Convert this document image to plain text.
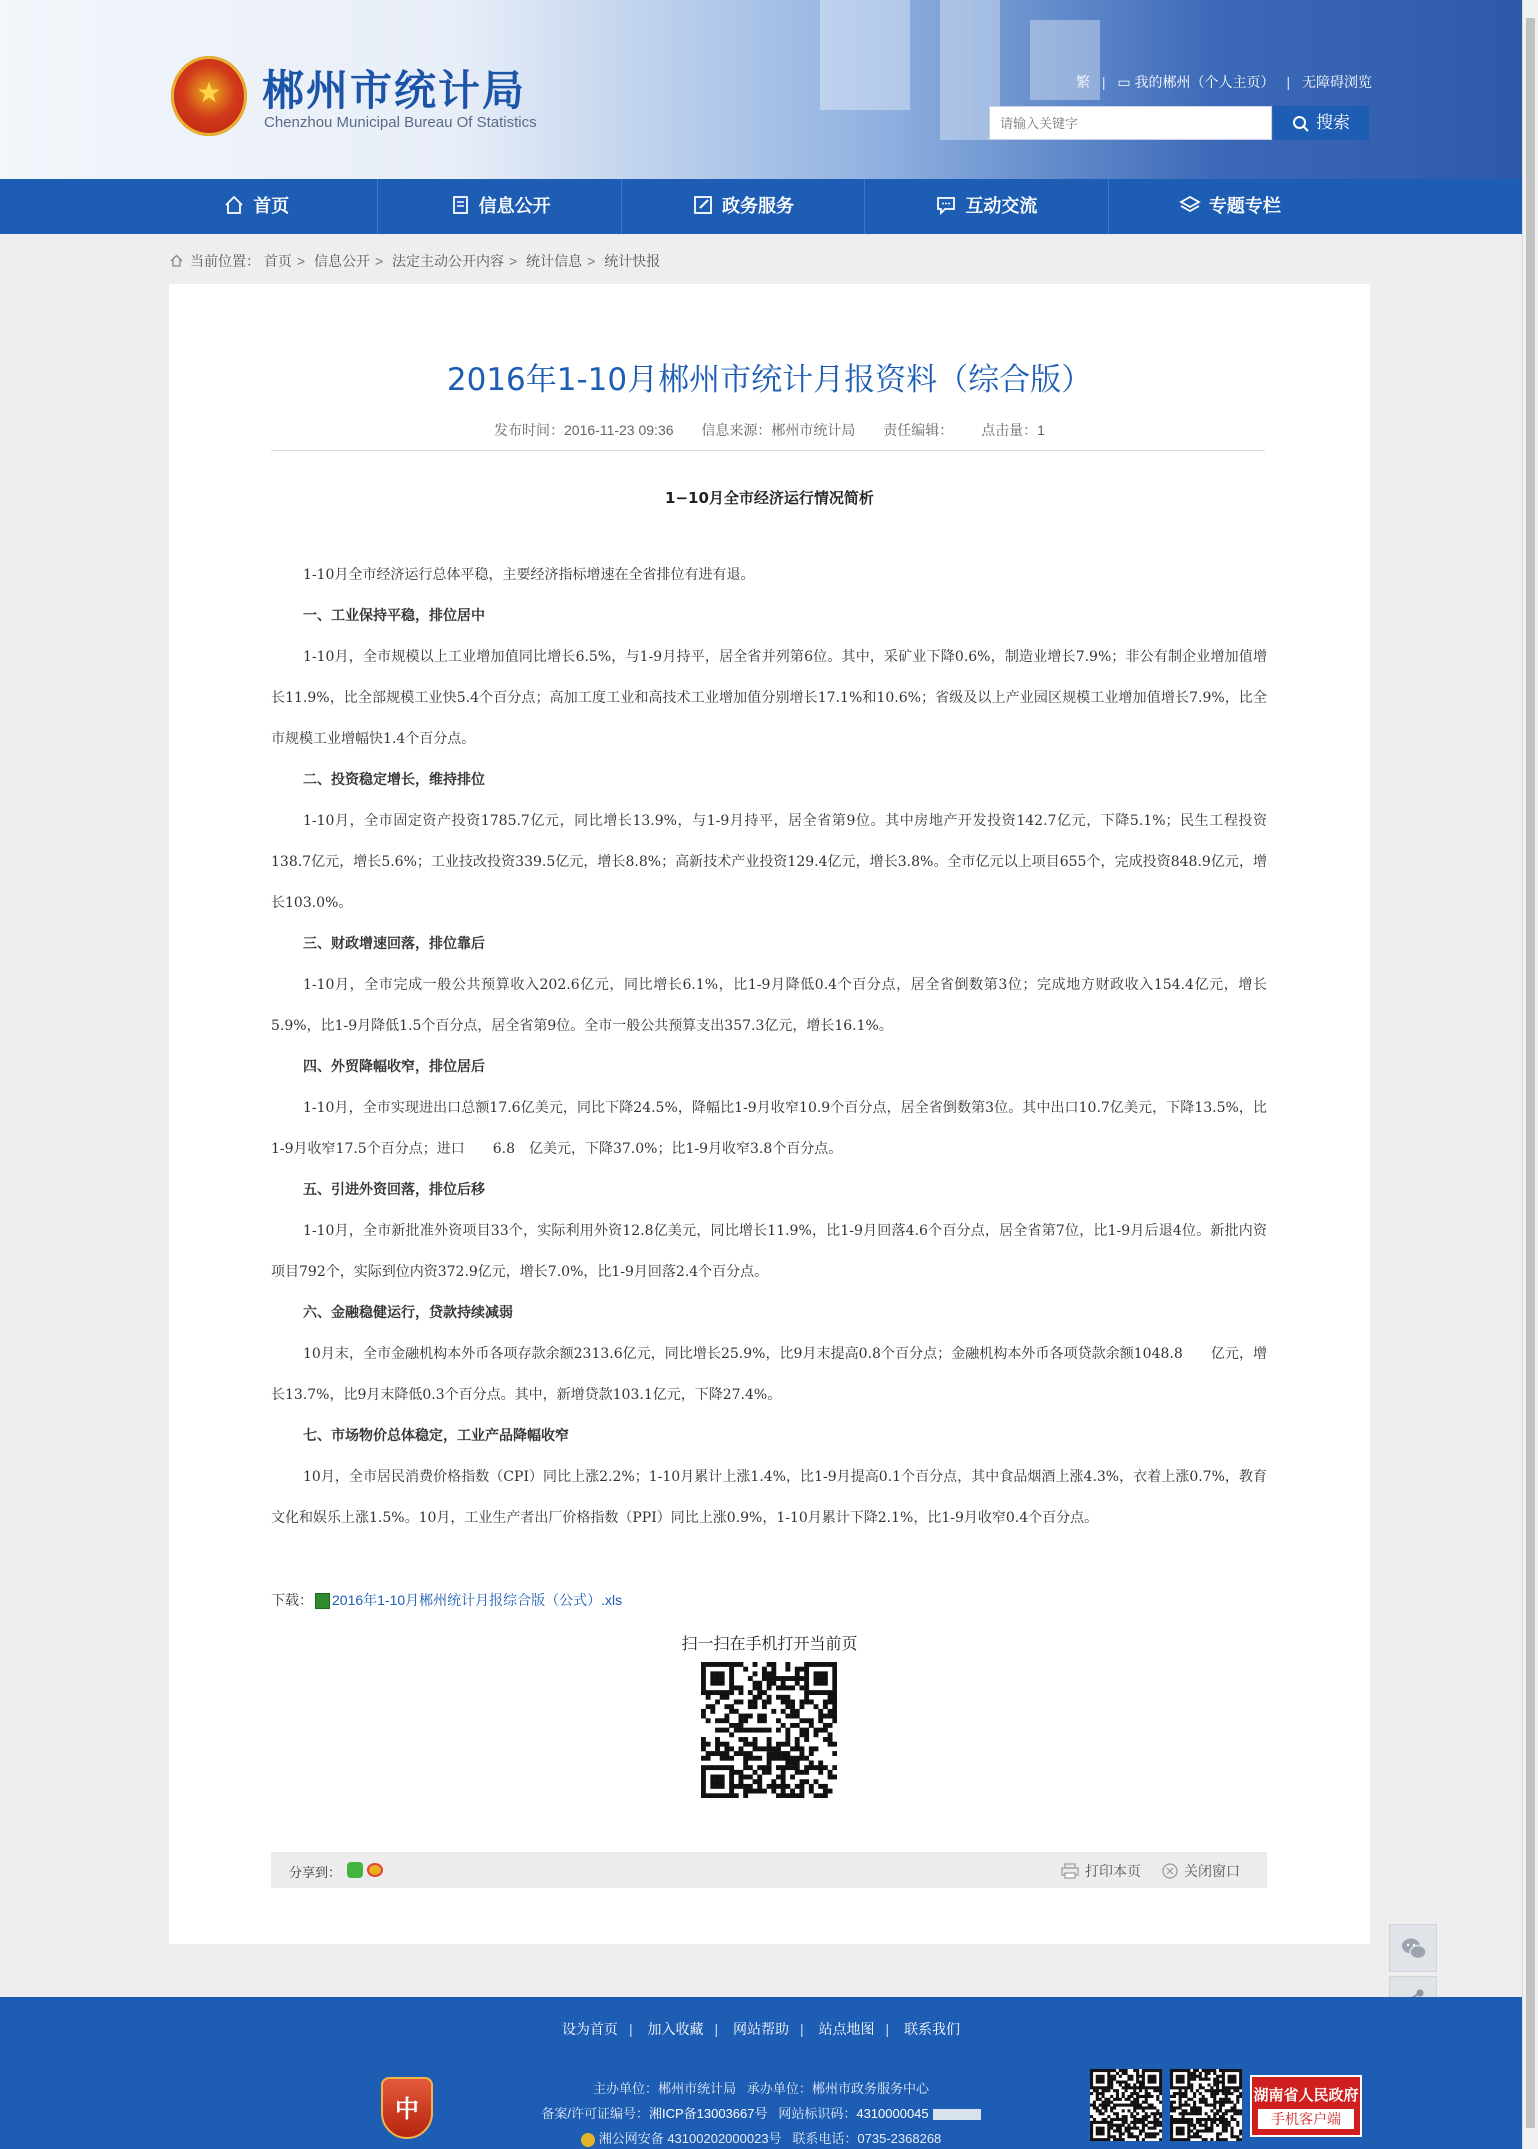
★ 郴州市统计局
Chenzhou Municipal Bureau Of Statistics
繁 | ▭ 我的郴州（个人主页） | 无障碍浏览
请输入关键字
搜索
首页	信息公开	政务服务	互动交流	专题专栏
当前位置： 首页 > 信息公开 > 法定主动公开内容 > 统计信息 > 统计快报
2016年1-10月郴州市统计月报资料（综合版）
发布时间：2016-11-23 09:36 信息来源：郴州市统计局 责任编辑： 点击量：1
1−10月全市经济运行情况简析

1-10月全市经济运行总体平稳，主要经济指标增速在全省排位有进有退。

一、工业保持平稳，排位居中

1-10月，全市规模以上工业增加值同比增长6.5%，与1-9月持平，居全省并列第6位。其中，采矿业下降0.6%，制造业增长7.9%；非公有制企业增加值增长11.9%，比全部规模工业快5.4个百分点；高加工度工业和高技术工业增加值分别增长17.1%和10.6%；省级及以上产业园区规模工业增加值增长7.9%，比全市规模工业增幅快1.4个百分点。

二、投资稳定增长，维持排位

1-10月，全市固定资产投资1785.7亿元，同比增长13.9%，与1-9月持平，居全省第9位。其中房地产开发投资142.7亿元，下降5.1%；民生工程投资138.7亿元，增长5.6%；工业技改投资339.5亿元，增长8.8%；高新技术产业投资129.4亿元，增长3.8%。全市亿元以上项目655个，完成投资848.9亿元，增长103.0%。

三、财政增速回落，排位靠后

1-10月，全市完成一般公共预算收入202.6亿元，同比增长6.1%，比1-9月降低0.4个百分点，居全省倒数第3位；完成地方财政收入154.4亿元，增长5.9%，比1-9月降低1.5个百分点，居全省第9位。全市一般公共预算支出357.3亿元，增长16.1%。

四、外贸降幅收窄，排位居后

1-10月，全市实现进出口总额17.6亿美元，同比下降24.5%，降幅比1-9月收窄10.9个百分点，居全省倒数第3位。其中出口10.7亿美元，下降13.5%，比1-9月收窄17.5个百分点；进口　　6.8　亿美元，下降37.0%；比1-9月收窄3.8个百分点。

五、引进外资回落，排位后移

1-10月，全市新批准外资项目33个，实际利用外资12.8亿美元，同比增长11.9%，比1-9月回落4.6个百分点，居全省第7位，比1-9月后退4位。新批内资项目792个，实际到位内资372.9亿元，增长7.0%，比1-9月回落2.4个百分点。

六、金融稳健运行，贷款持续减弱

10月末，全市金融机构本外币各项存款余额2313.6亿元，同比增长25.9%，比9月末提高0.8个百分点；金融机构本外币各项贷款余额1048.8　　亿元，增长13.7%，比9月末降低0.3个百分点。其中，新增贷款103.1亿元，下降27.4%。

七、市场物价总体稳定，工业产品降幅收窄

10月，全市居民消费价格指数（CPI）同比上涨2.2%；1-10月累计上涨1.4%，比1-9月提高0.1个百分点，其中食品烟酒上涨4.3%，衣着上涨0.7%，教育文化和娱乐上涨1.5%。10月，工业生产者出厂价格指数（PPI）同比上涨0.9%，1-10月累计下降2.1%，比1-9月收窄0.4个百分点。

下载： 2016年1-10月郴州统计月报综合版（公式）.xls
扫一扫在手机打开当前页
分享到：	打印本页	关闭窗口
设为首页 | 加入收藏 | 网站帮助 | 站点地图 | 联系我们
中
主办单位：郴州市统计局 承办单位：郴州市政务服务中心
备案/许可证编号：湘ICP备13003667号 网站标识码：4310000045
湘公网安备 43100202000023号 联系电话：0735-2368268
湖南省人民政府
手机客户端
